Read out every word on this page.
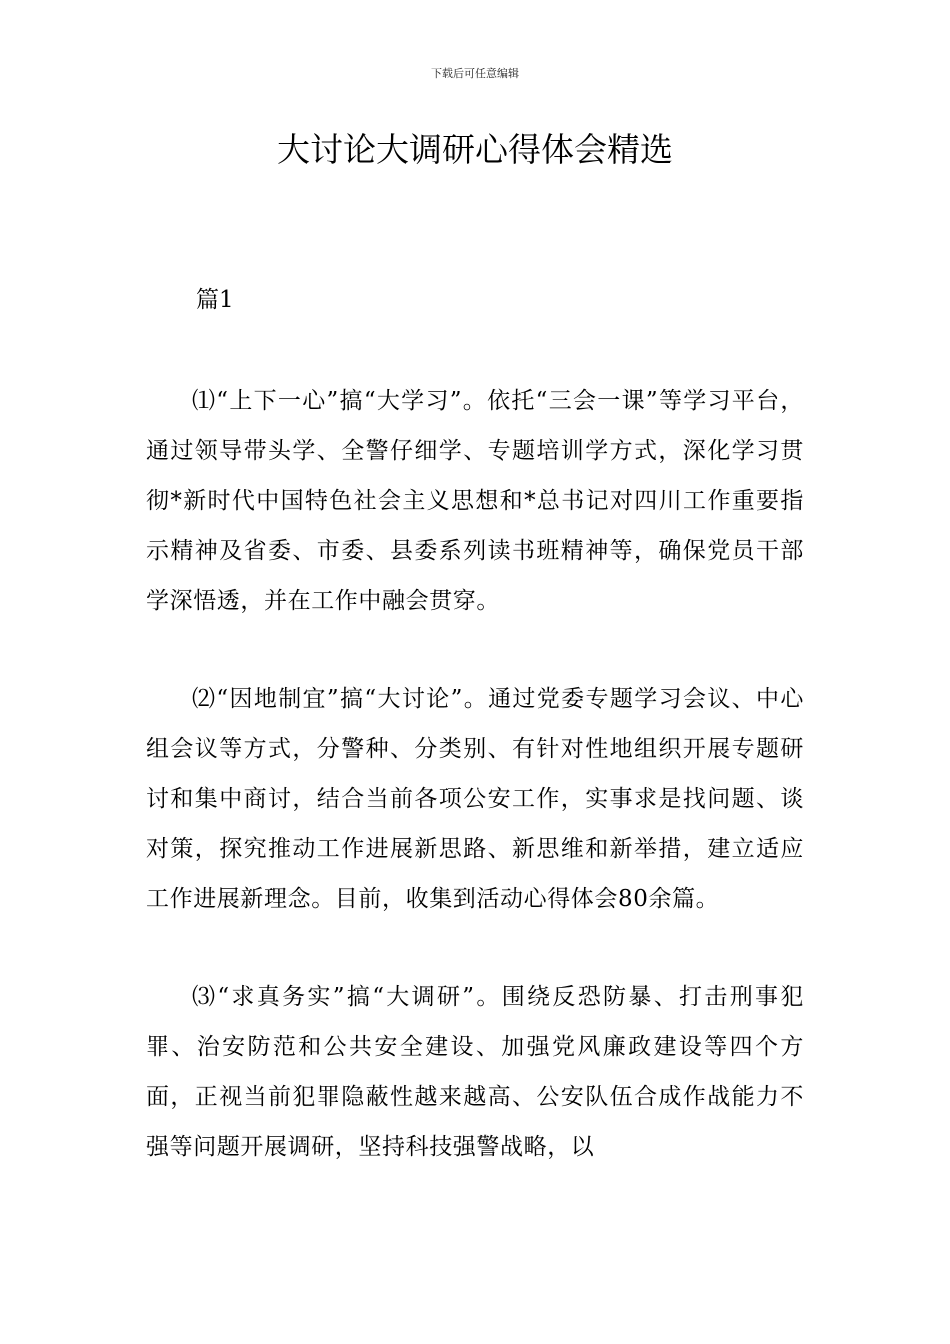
下载后可任意编辑
大讨论大调研心得体会精选
篇1

⑴“上下一心”搞“大学习”。依托“三会一课”等学习平台，通过领导带头学、全警仔细学、专题培训学方式，深化学习贯彻*新时代中国特色社会主义思想和*总书记对四川工作重要指示精神及省委、市委、县委系列读书班精神等，确保党员干部学深悟透，并在工作中融会贯穿。

⑵“因地制宜”搞“大讨论”。通过党委专题学习会议、中心组会议等方式，分警种、分类别、有针对性地组织开展专题研讨和集中商讨，结合当前各项公安工作，实事求是找问题、谈对策，探究推动工作进展新思路、新思维和新举措，建立适应工作进展新理念。目前，收集到活动心得体会80余篇。

⑶“求真务实”搞“大调研”。围绕反恐防暴、打击刑事犯罪、治安防范和公共安全建设、加强党风廉政建设等四个方面，正视当前犯罪隐蔽性越来越高、公安队伍合成作战能力不强等问题开展调研，坚持科技强警战略，以
